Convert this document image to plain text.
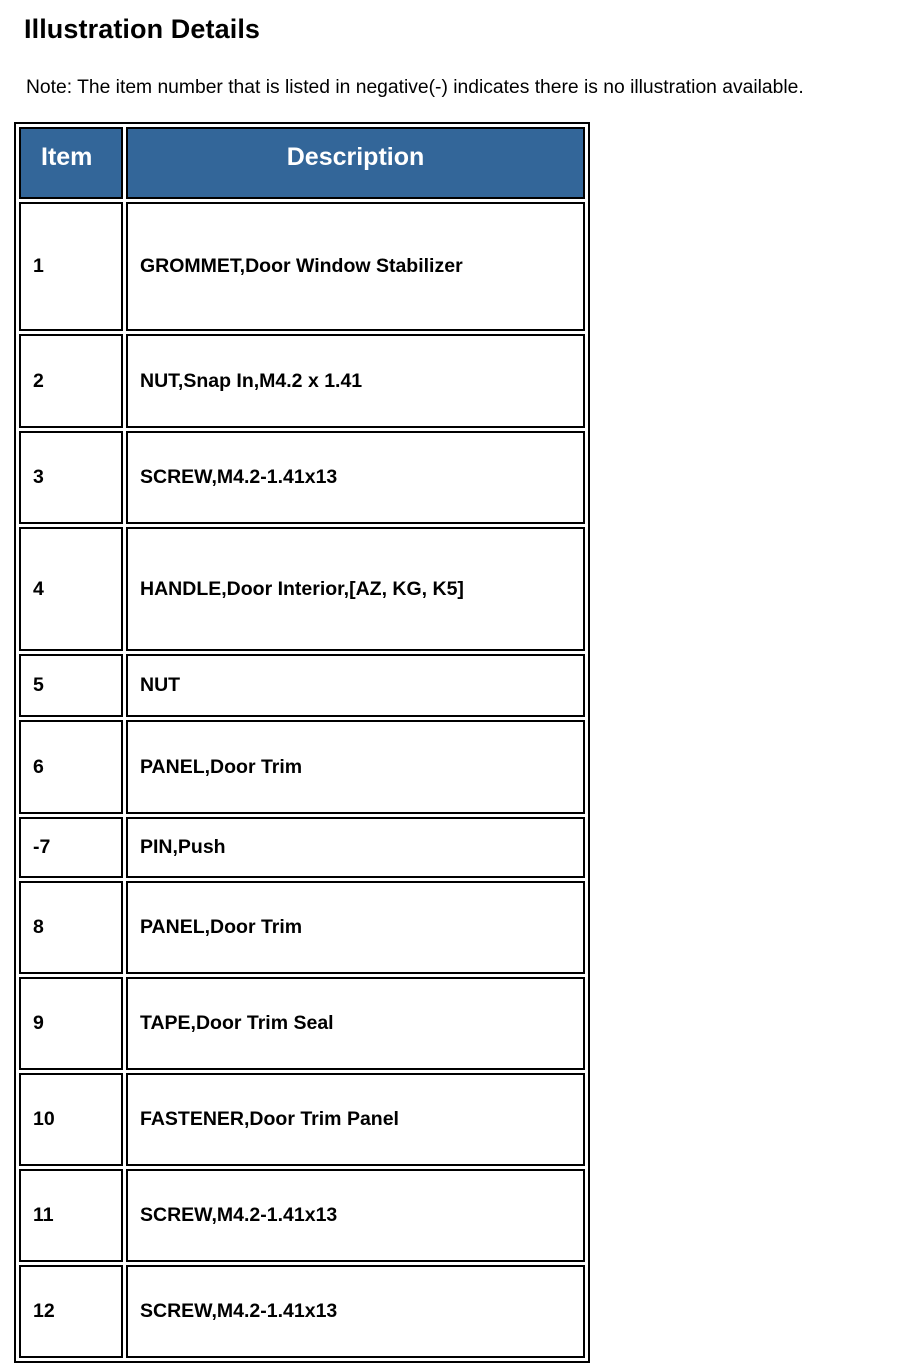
Illustration Details

Note: The item number that is listed in negative(-) indicates there is no illustration available.

Item	Description
1	GROMMET,Door Window Stabilizer
2	NUT,Snap In,M4.2 x 1.41
3	SCREW,M4.2-1.41x13
4	HANDLE,Door Interior,[AZ, KG, K5]
5	NUT
6	PANEL,Door Trim
-7	PIN,Push
8	PANEL,Door Trim
9	TAPE,Door Trim Seal
10	FASTENER,Door Trim Panel
11	SCREW,M4.2-1.41x13
12	SCREW,M4.2-1.41x13
